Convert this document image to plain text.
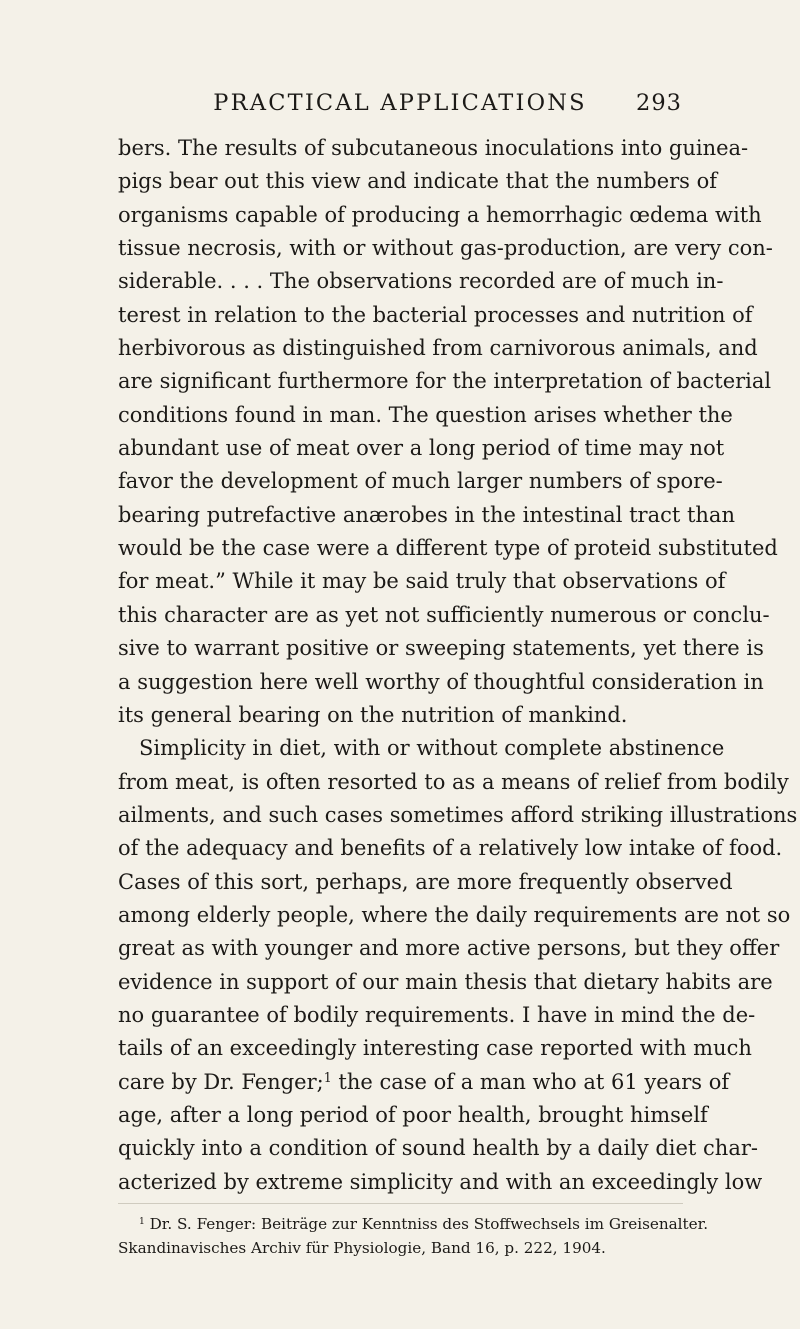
PRACTICAL APPLICATIONS	293
bers. The results of subcutaneous inoculations into guinea-
pigs bear out this view and indicate that the numbers of
organisms capable of producing a hemorrhagic œdema with
tissue necrosis, with or without gas-production, are very con-
siderable. . . . The observations recorded are of much in-
terest in relation to the bacterial processes and nutrition of
herbivorous as distinguished from carnivorous animals, and
are significant furthermore for the interpretation of bacterial
conditions found in man. The question arises whether the
abundant use of meat over a long period of time may not
favor the development of much larger numbers of spore-
bearing putrefactive anærobes in the intestinal tract than
would be the case were a different type of proteid substituted
for meat.” While it may be said truly that observations of
this character are as yet not sufficiently numerous or conclu-
sive to warrant positive or sweeping statements, yet there is
a suggestion here well worthy of thoughtful consideration in
its general bearing on the nutrition of mankind.
Simplicity in diet, with or without complete abstinence
from meat, is often resorted to as a means of relief from bodily
ailments, and such cases sometimes afford striking illustrations
of the adequacy and benefits of a relatively low intake of food.
Cases of this sort, perhaps, are more frequently observed
among elderly people, where the daily requirements are not so
great as with younger and more active persons, but they offer
evidence in support of our main thesis that dietary habits are
no guarantee of bodily requirements. I have in mind the de-
tails of an exceedingly interesting case reported with much
care by Dr. Fenger;$^1$ the case of a man who at 61 years of
age, after a long period of poor health, brought himself
quickly into a condition of sound health by a daily diet char-
acterized by extreme simplicity and with an exceedingly low
$^1$ Dr. S. Fenger: Beiträge zur Kenntniss des Stoffwechsels im Greisenalter.
Skandinavisches Archiv für Physiologie, Band 16, p. 222, 1904.
